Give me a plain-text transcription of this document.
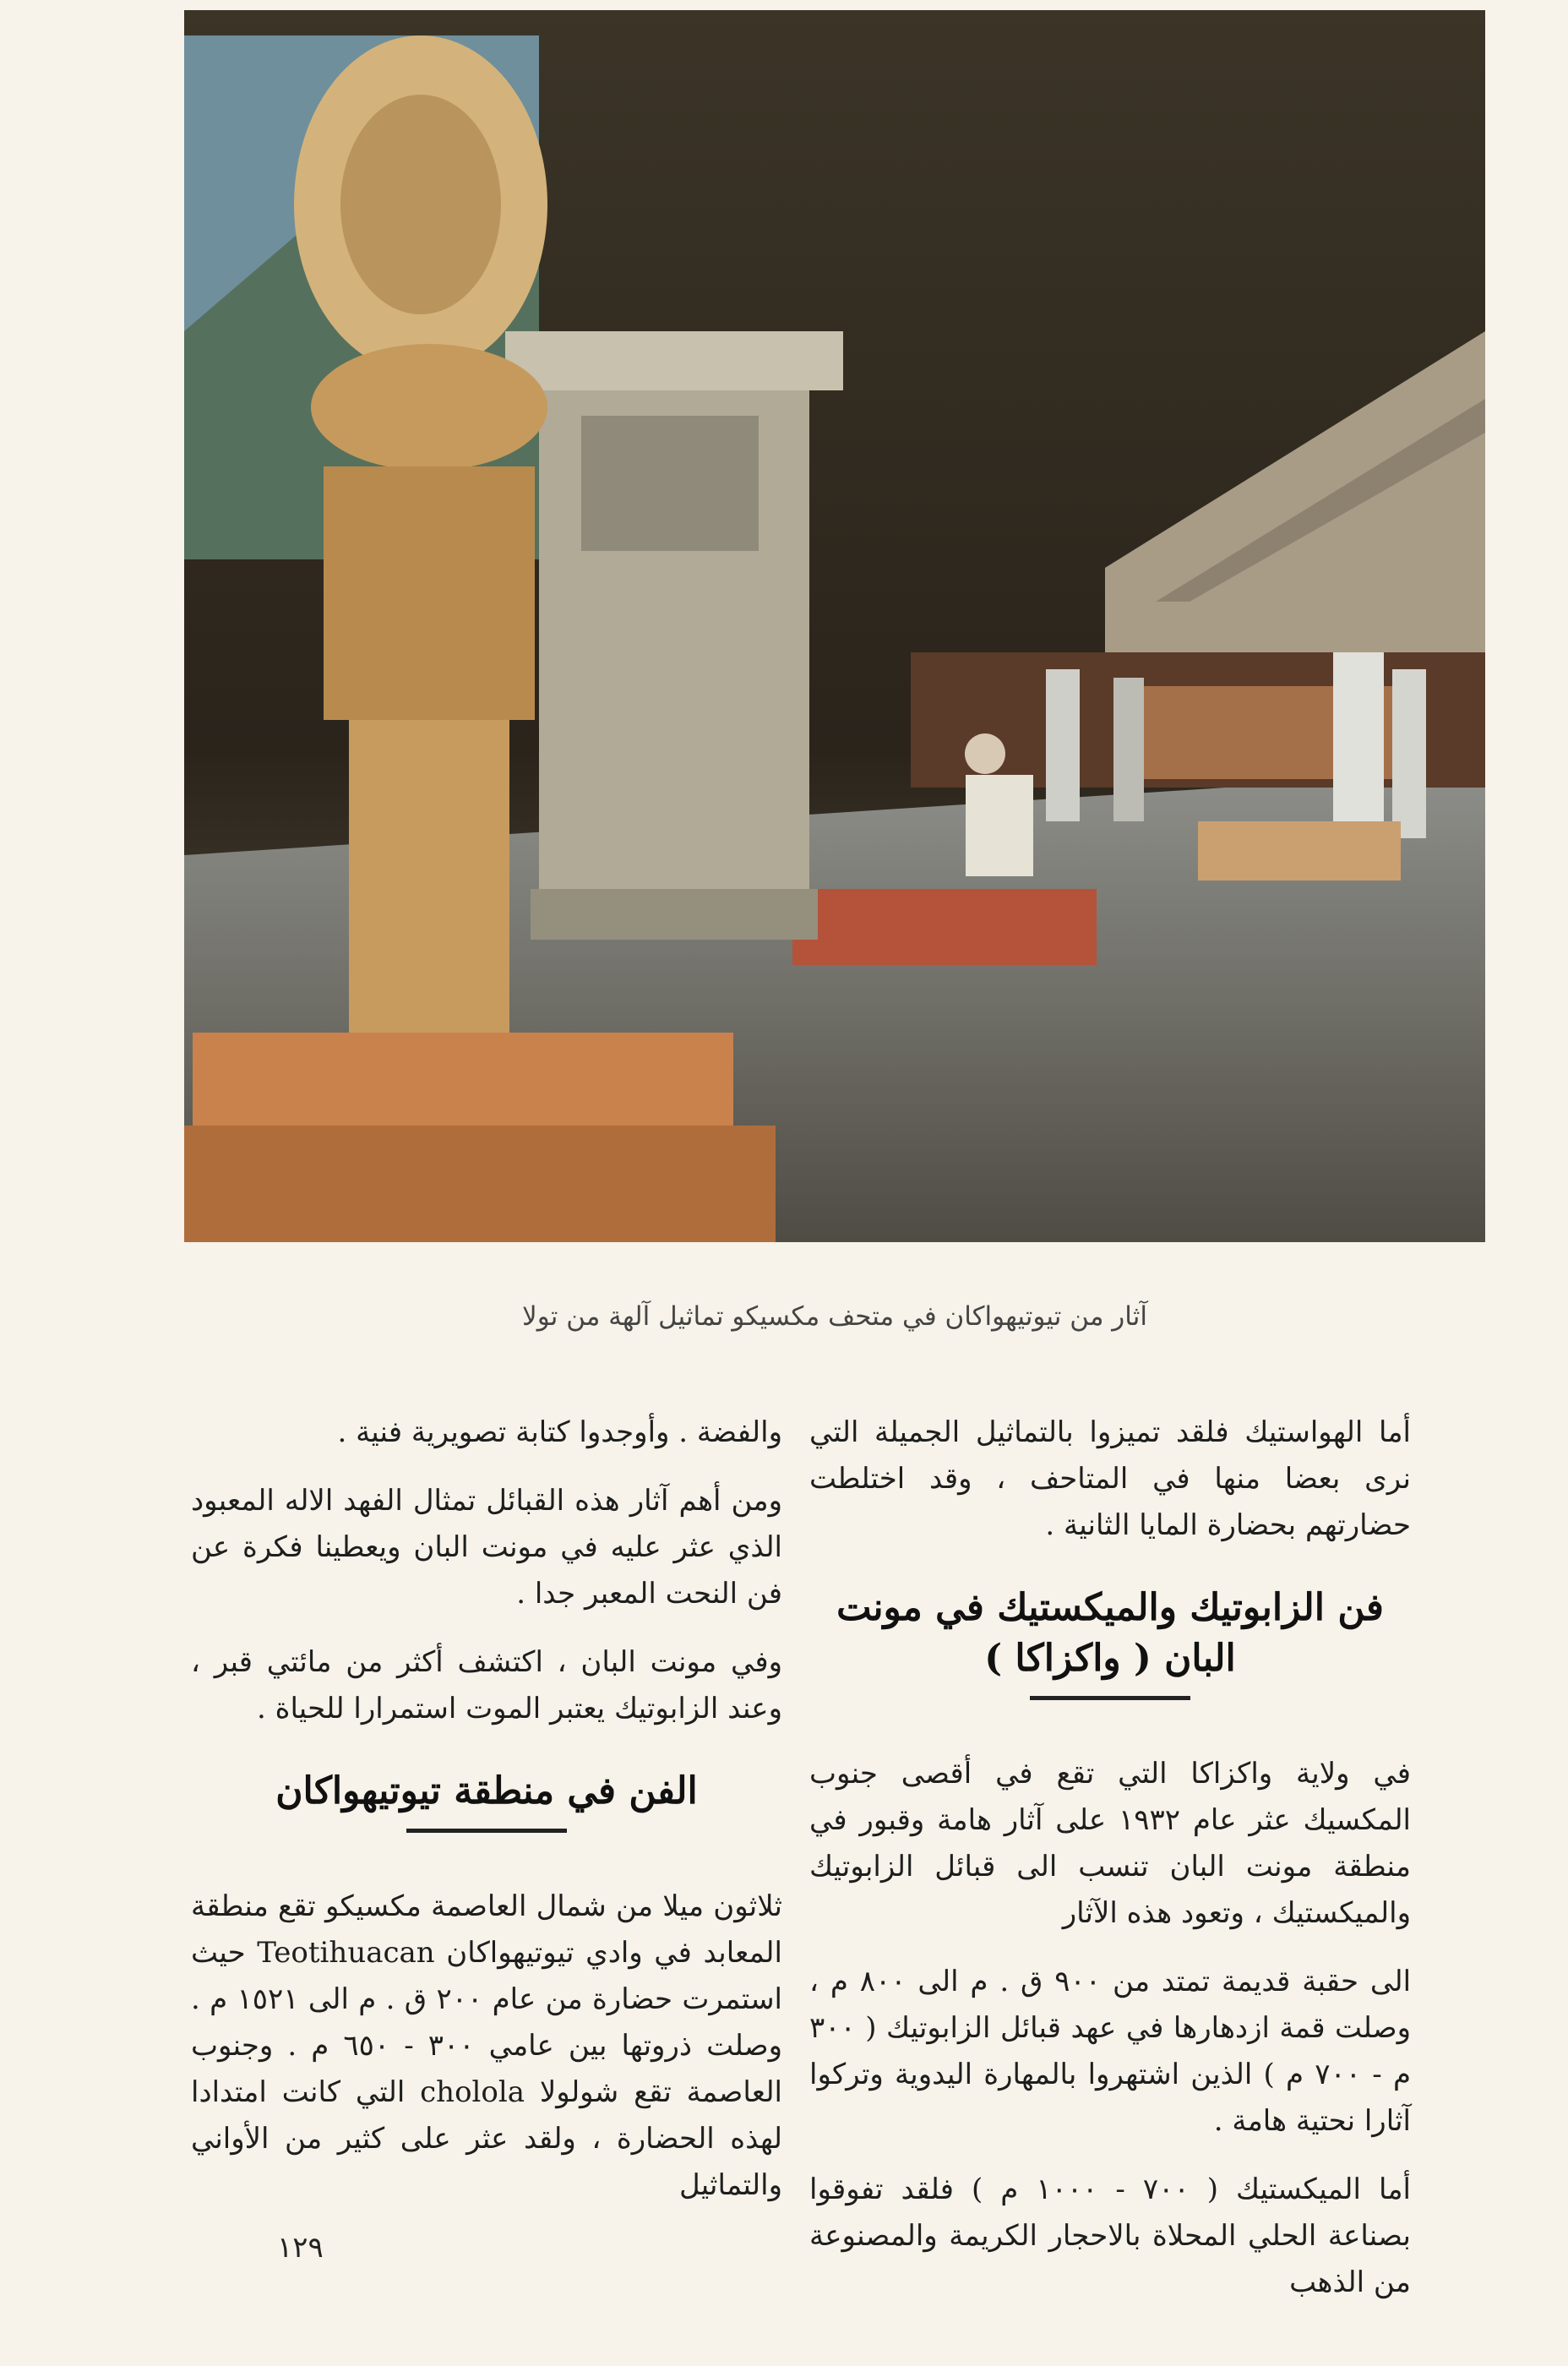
آثار من تيوتيهواكان في متحف مكسيكو تماثيل آلهة من تولا

أما الهواستيك فلقد تميزوا بالتماثيل الجميلة التي نرى بعضا منها في المتاحف ، وقد اختلطت حضارتهم بحضارة المايا الثانية .

فن الزابوتيك والميكستيك في مونت البان ( واكزاكا )

في ولاية واكزاكا التي تقع في أقصى جنوب المكسيك عثر عام ١٩٣٢ على آثار هامة وقبور في منطقة مونت البان تنسب الى قبائل الزابوتيك والميكستيك ، وتعود هذه الآثار

الى حقبة قديمة تمتد من ٩٠٠ ق . م الى ٨٠٠ م ، وصلت قمة ازدهارها في عهد قبائل الزابوتيك ( ٣٠٠ م - ٧٠٠ م ) الذين اشتهروا بالمهارة اليدوية وتركوا آثارا نحتية هامة .

أما الميكستيك ( ٧٠٠ - ١٠٠٠ م ) فلقد تفوقوا بصناعة الحلي المحلاة بالاحجار الكريمة والمصنوعة من الذهب

والفضة . وأوجدوا كتابة تصويرية فنية .

ومن أهم آثار هذه القبائل تمثال الفهد الاله المعبود الذي عثر عليه في مونت البان ويعطينا فكرة عن فن النحت المعبر جدا .

وفي مونت البان ، اكتشف أكثر من مائتي قبر ، وعند الزابوتيك يعتبر الموت استمرارا للحياة .

الفن في منطقة تيوتيهواكان

ثلاثون ميلا من شمال العاصمة مكسيكو تقع منطقة المعابد في وادي تيوتيهواكان Teotihuacan حيث استمرت حضارة من عام ٢٠٠ ق . م الى ١٥٢١ م . وصلت ذروتها بين عامي ٣٠٠ - ٦٥٠ م . وجنوب العاصمة تقع شولولا cholola التي كانت امتدادا لهذه الحضارة ، ولقد عثر على كثير من الأواني والتماثيل

١٢٩
